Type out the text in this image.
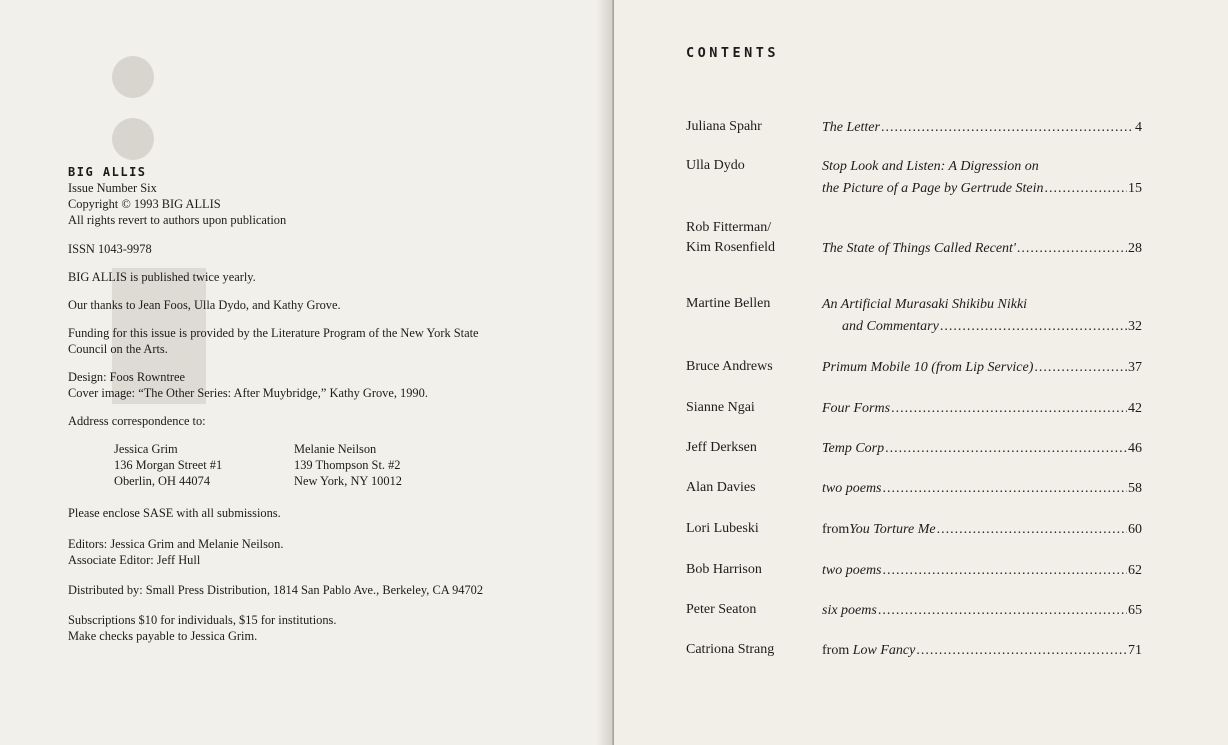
BIG ALLIS
Issue Number Six
Copyright © 1993 BIG ALLIS
All rights revert to authors upon publication
ISSN 1043-9978
BIG ALLIS is published twice yearly.
Our thanks to Jean Foos, Ulla Dydo, and Kathy Grove.
Funding for this issue is provided by the Literature Program of the New York State
Council on the Arts.
Design: Foos Rowntree
Cover image: “The Other Series: After Muybridge,” Kathy Grove, 1990.
Address correspondence to:
Jessica Grim
136 Morgan Street #1
Oberlin, OH 44074
Melanie Neilson
139 Thompson St. #2
New York, NY 10012
Please enclose SASE with all submissions.
Editors: Jessica Grim and Melanie Neilson.
Associate Editor: Jeff Hull
Distributed by: Small Press Distribution, 1814 San Pablo Ave., Berkeley, CA 94702
Subscriptions $10 for individuals, $15 for institutions.
Make checks payable to Jessica Grim.
CONTENTS
Juliana Spahr	The Letter .....	4
Ulla Dydo	Stop Look and Listen: A Digression on
the Picture of a Page by Gertrude Stein .....	15
Rob Fitterman/
Kim Rosenfield	The State of Things Called Recent' .....	28
Martine Bellen	An Artificial Murasaki Shikibu Nikki
and Commentary .....	32
Bruce Andrews	Primum Mobile 10 (from Lip Service) .....	37
Sianne Ngai	Four Forms .....	42
Jeff Derksen	Temp Corp .....	46
Alan Davies	two poems .....	58
Lori Lubeski	from You Torture Me .....	60
Bob Harrison	two poems .....	62
Peter Seaton	six poems .....	65
Catriona Strang	from Low Fancy .....	71
